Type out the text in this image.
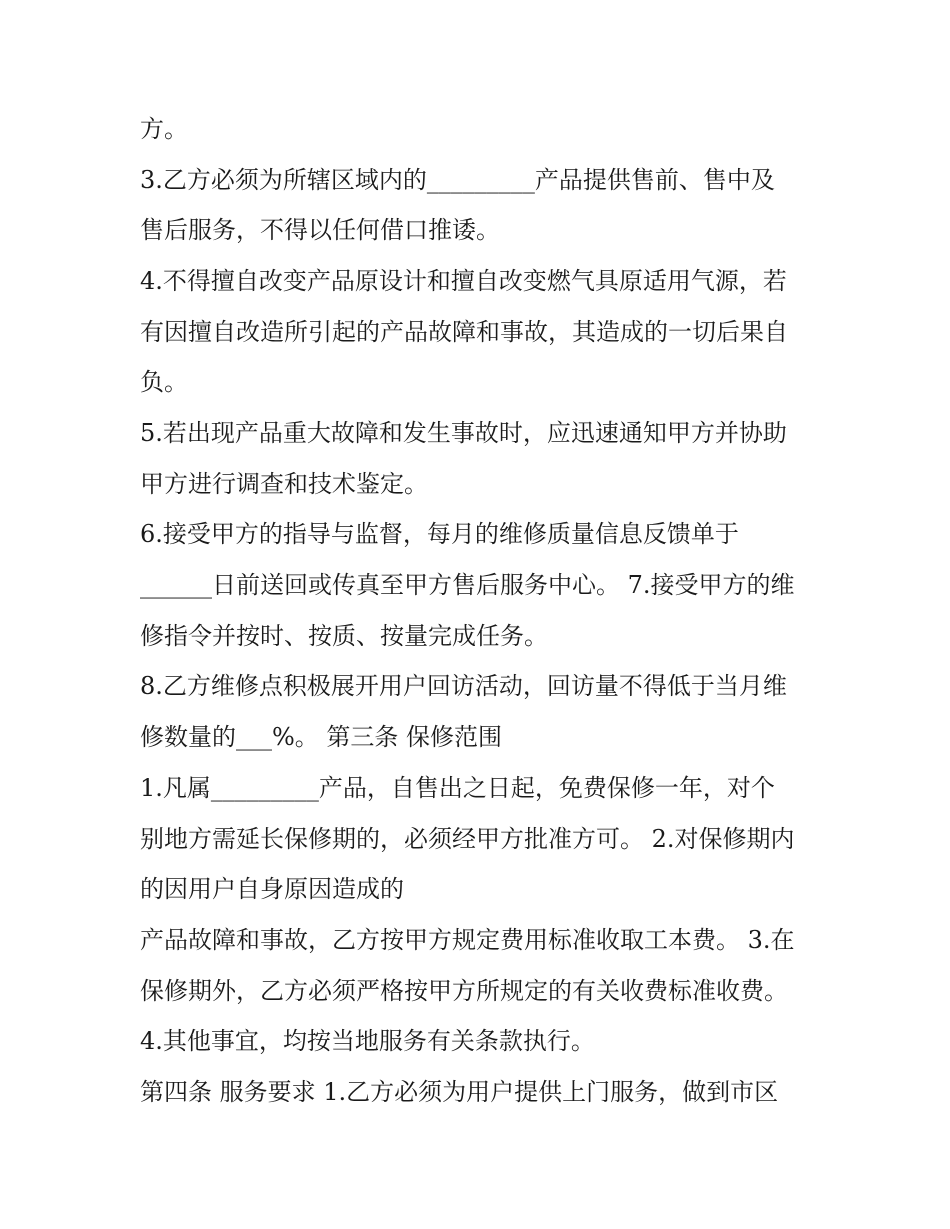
方。
3.乙方必须为所辖区域内的_________产品提供售前、售中及
售后服务，不得以任何借口推诿。
4.不得擅自改变产品原设计和擅自改变燃气具原适用气源，若
有因擅自改造所引起的产品故障和事故，其造成的一切后果自
负。
5.若出现产品重大故障和发生事故时，应迅速通知甲方并协助
甲方进行调查和技术鉴定。
6.接受甲方的指导与监督，每月的维修质量信息反馈单于
______日前送回或传真至甲方售后服务中心。 7.接受甲方的维
修指令并按时、按质、按量完成任务。
8.乙方维修点积极展开用户回访活动，回访量不得低于当月维
修数量的___%。 第三条 保修范围
1.凡属_________产品，自售出之日起，免费保修一年，对个
别地方需延长保修期的，必须经甲方批准方可。 2.对保修期内
的因用户自身原因造成的
产品故障和事故，乙方按甲方规定费用标准收取工本费。 3.在
保修期外，乙方必须严格按甲方所规定的有关收费标准收费。
4.其他事宜，均按当地服务有关条款执行。
第四条 服务要求 1.乙方必须为用户提供上门服务，做到市区
